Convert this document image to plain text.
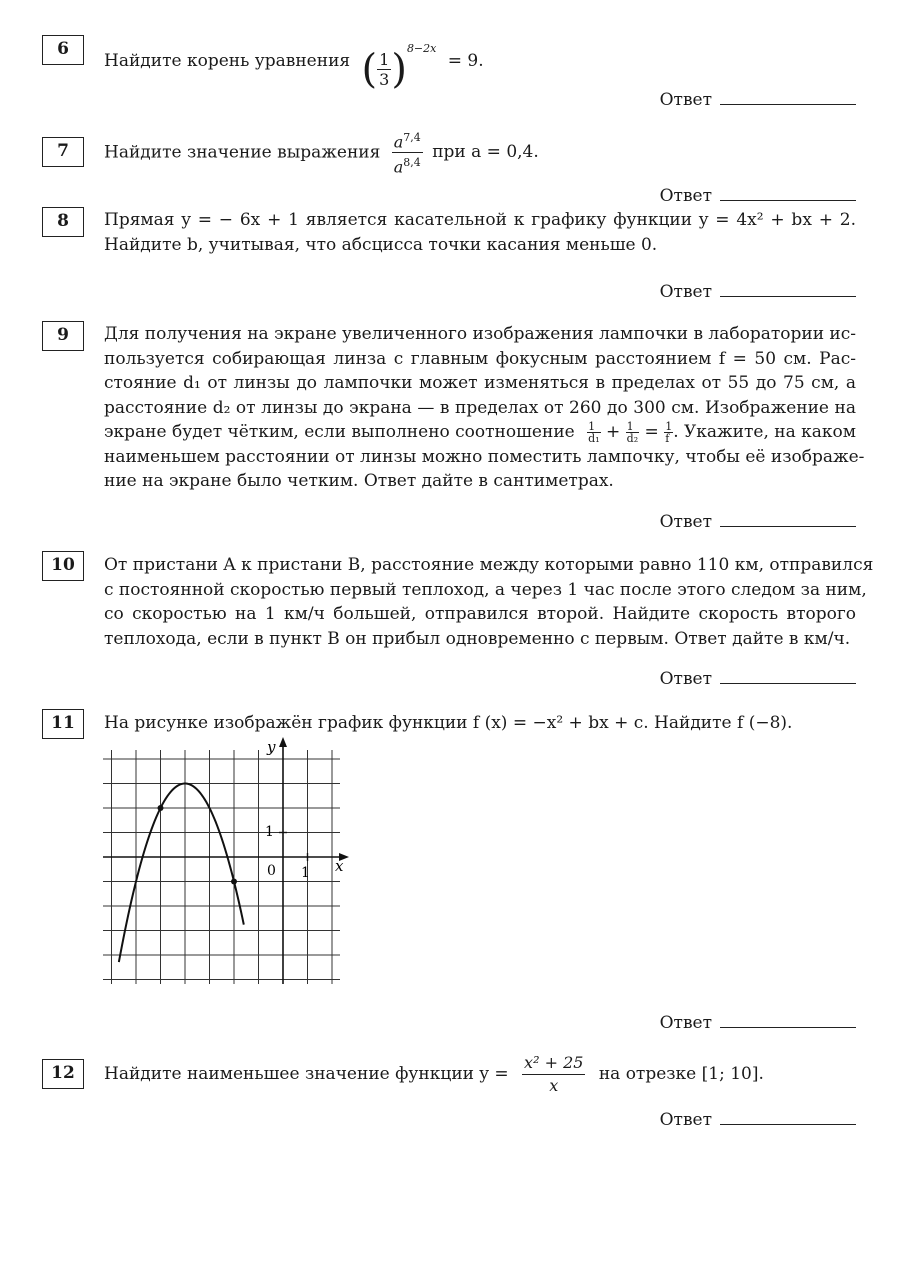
6
Найдите корень уравнения ( $\frac{1}{3} )^{8-2x} = 9$.
Ответ
7	Найдите значение выражения $\frac{a^{7,4}}{a^{8,4}}$ при a = 0,4.
Ответ
8	Прямая y = − 6x + 1 является касательной к графику функции y = 4x² + bx + 2.
Найдите b, учитывая, что абсцисса точки касания меньше 0.
Ответ
9	Для получения на экране увеличенного изображения лампочки в лаборатории ис-
пользуется собирающая линза с главным фокусным расстоянием f = 50 см. Рас-
стояние d₁ от линзы до лампочки может изменяться в пределах от 55 до 75 см, а
расстояние d₂ от линзы до экрана — в пределах от 260 до 300 см. Изображение на
экране будет чётким, если выполнено соотношение $\frac{1}{\text{d₁}} + \frac{1}{\text{d₂}} = \frac{1}{f}$ . Укажите, на каком
наименьшем расстоянии от линзы можно поместить лампочку, чтобы её изображе-
ние на экране было четким. Ответ дайте в сантиметрах.
Ответ
10	От пристани A к пристани B, расстояние между которыми равно 110 км, отправился
с постоянной скоростью первый теплоход, а через 1 час после этого следом за ним,
со скоростью на 1 км/ч большей, отправился второй. Найдите скорость второго
теплохода, если в пункт B он прибыл одновременно с первым. Ответ дайте в км/ч.
Ответ
11	На рисунке изображён график функции f (x) = −x² + bx + c. Найдите f (−8).
y
x
0 1
1
Ответ
12	Найдите наименьшее значение функции $y = \frac{\text{x² + 25}}{x}$ на отрезке [1; 10].
Ответ
